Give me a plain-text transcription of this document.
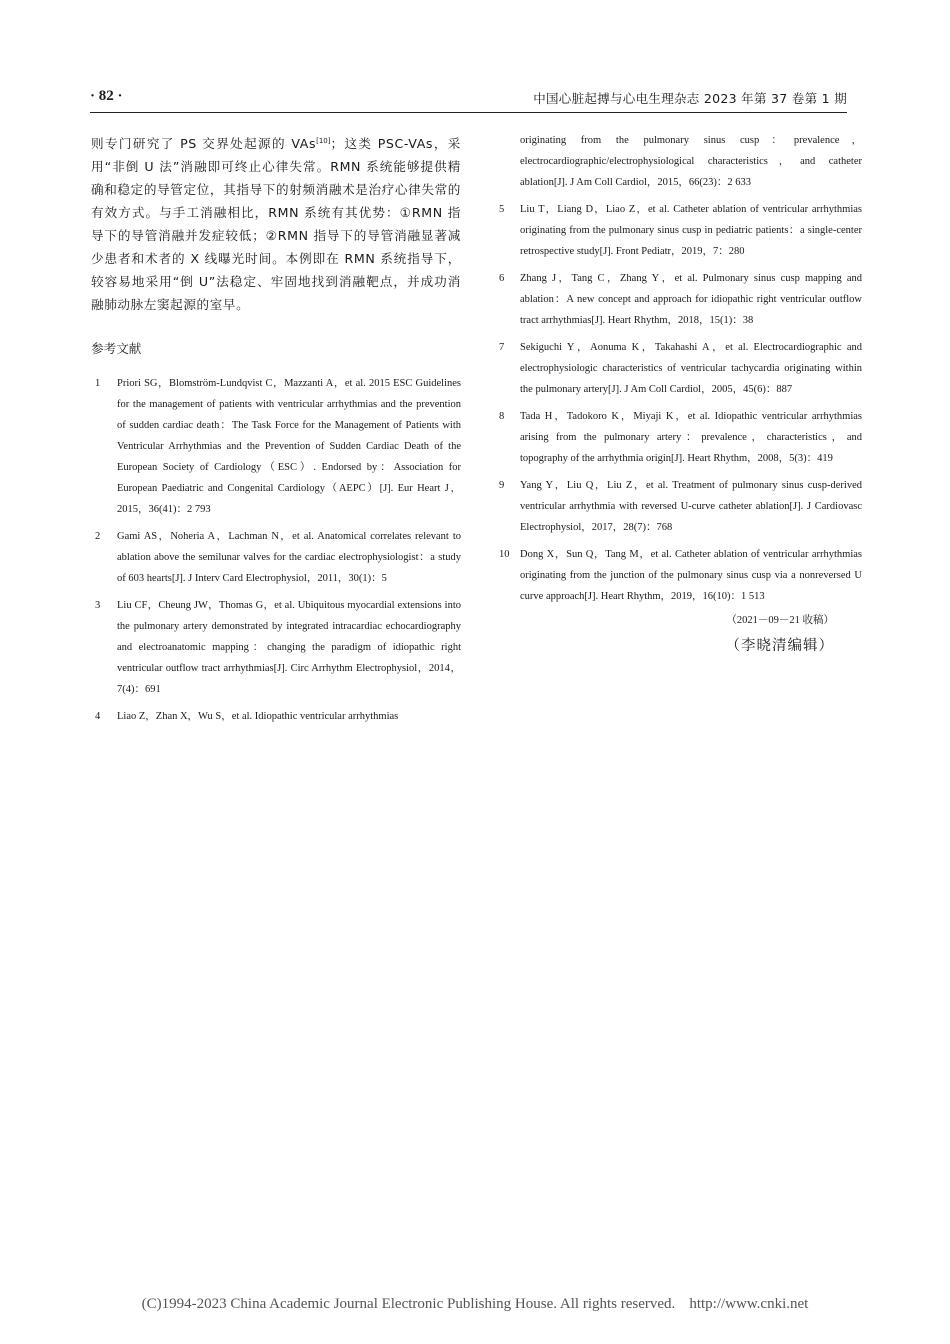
· 82 ·	中国心脏起搏与心电生理杂志 2023 年第 37 卷第 1 期

则专门研究了 PS 交界处起源的 VAs[10]；这类 PSC-VAs，采用“非倒 U 法”消融即可终止心律失常。RMN 系统能够提供精确和稳定的导管定位，其指导下的射频消融术是治疗心律失常的有效方式。与手工消融相比，RMN 系统有其优势：①RMN 指导下的导管消融并发症较低；②RMN 指导下的导管消融显著减少患者和术者的 X 线曝光时间。本例即在 RMN 系统指导下，较容易地采用“倒 U”法稳定、牢固地找到消融靶点，并成功消融肺动脉左窦起源的室早。

参考文献
1 Priori SG，Blomström-Lundqvist C，Mazzanti A，et al. 2015 ESC Guidelines for the management of patients with ventricular arrhythmias and the prevention of sudden cardiac death：The Task Force for the Management of Patients with Ventricular Arrhythmias and the Prevention of Sudden Cardiac Death of the European Society of Cardiology（ESC）. Endorsed by：Association for European Paediatric and Congenital Cardiology（AEPC）[J]. Eur Heart J，2015，36(41)：2 793
2 Gami AS，Noheria A，Lachman N，et al. Anatomical correlates relevant to ablation above the semilunar valves for the cardiac electrophysiologist：a study of 603 hearts[J]. J Interv Card Electrophysiol，2011，30(1)：5
3 Liu CF，Cheung JW，Thomas G，et al. Ubiquitous myocardial extensions into the pulmonary artery demonstrated by integrated intracardiac echocardiography and electroanatomic mapping：changing the paradigm of idiopathic right ventricular outflow tract arrhythmias[J]. Circ Arrhythm Electrophysiol，2014，7(4)：691
4 Liao Z，Zhan X，Wu S，et al. Idiopathic ventricular arrhythmias
originating from the pulmonary sinus cusp：prevalence，electrocardiographic/electrophysiological characteristics，and catheter ablation[J]. J Am Coll Cardiol，2015，66(23)：2 633
5 Liu T，Liang D，Liao Z，et al. Catheter ablation of ventricular arrhythmias originating from the pulmonary sinus cusp in pediatric patients：a single-center retrospective study[J]. Front Pediatr，2019，7：280
6 Zhang J，Tang C，Zhang Y，et al. Pulmonary sinus cusp mapping and ablation：A new concept and approach for idiopathic right ventricular outflow tract arrhythmias[J]. Heart Rhythm，2018，15(1)：38
7 Sekiguchi Y，Aonuma K，Takahashi A，et al. Electrocardiographic and electrophysiologic characteristics of ventricular tachycardia originating within the pulmonary artery[J]. J Am Coll Cardiol，2005，45(6)：887
8 Tada H，Tadokoro K，Miyaji K，et al. Idiopathic ventricular arrhythmias arising from the pulmonary artery：prevalence，characteristics，and topography of the arrhythmia origin[J]. Heart Rhythm，2008，5(3)：419
9 Yang Y，Liu Q，Liu Z，et al. Treatment of pulmonary sinus cusp-derived ventricular arrhythmia with reversed U-curve catheter ablation[J]. J Cardiovasc Electrophysiol，2017，28(7)：768
10 Dong X，Sun Q，Tang M，et al. Catheter ablation of ventricular arrhythmias originating from the junction of the pulmonary sinus cusp via a nonreversed U curve approach[J]. Heart Rhythm，2019，16(10)：1 513
（2021－09－21 收稿）
（李晓清编辑）
(C)1994-2023 China Academic Journal Electronic Publishing House. All rights reserved. http://www.cnki.net
